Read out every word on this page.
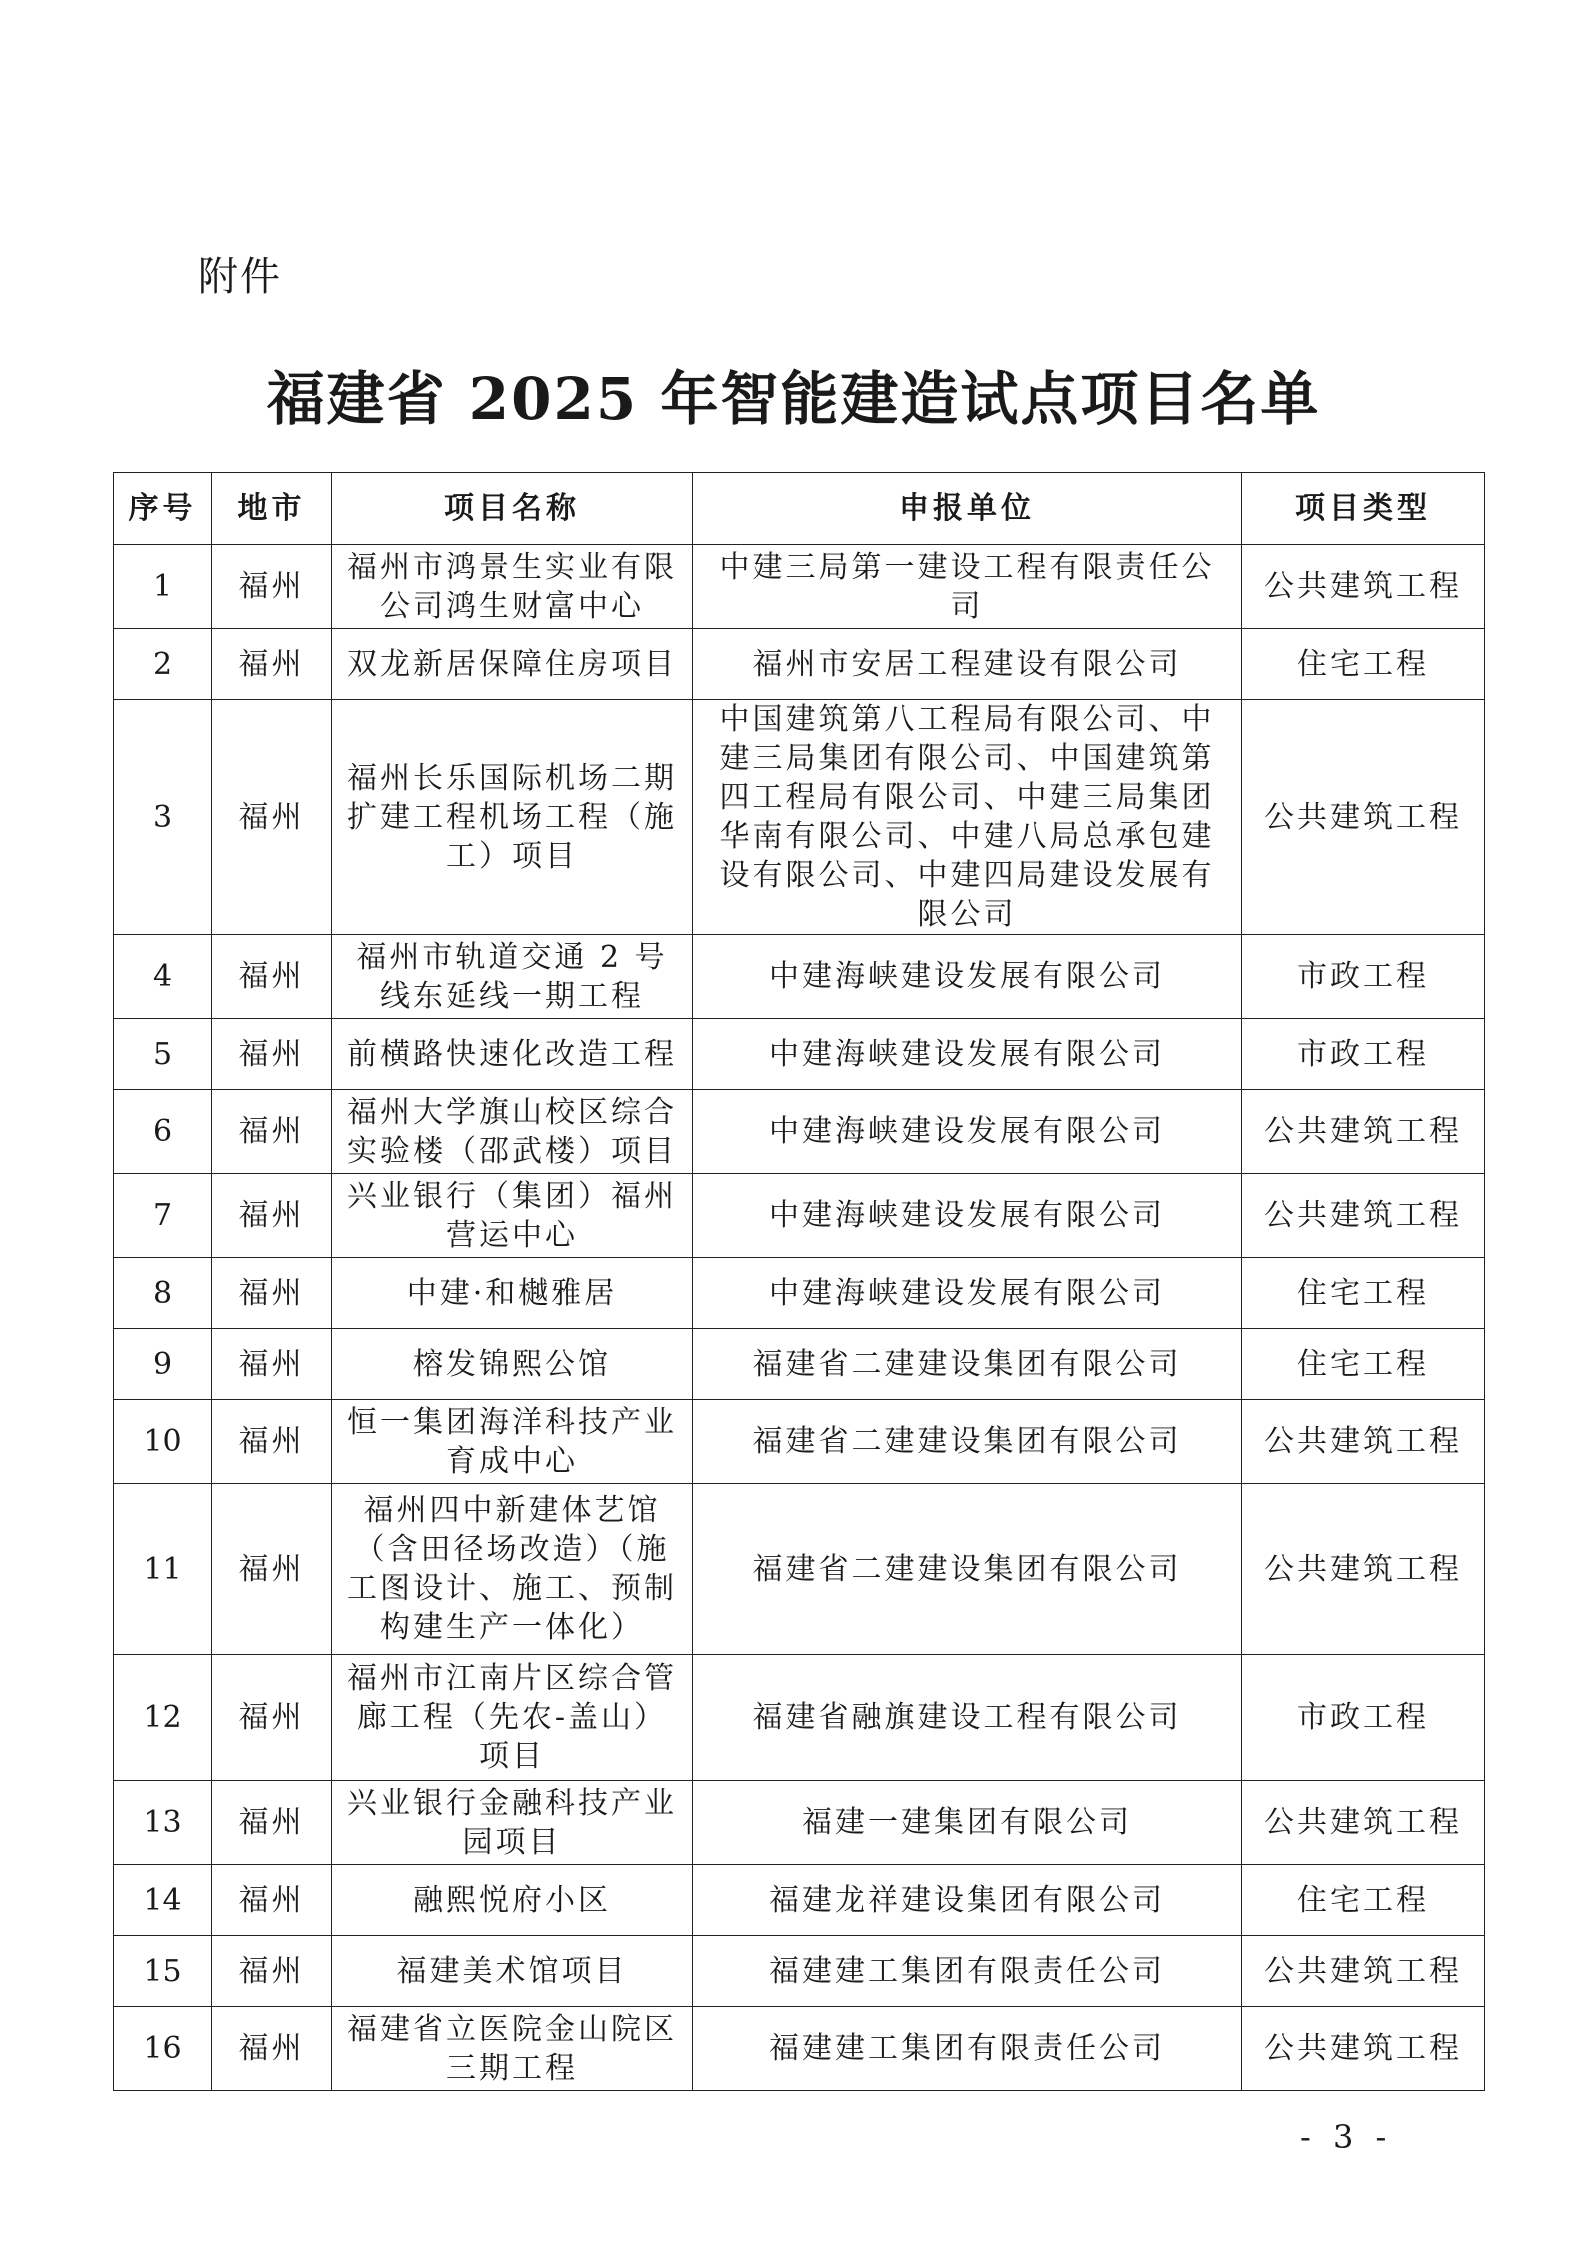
附件
福建省 2025 年智能建造试点项目名单
序号	地市	项目名称	申报单位	项目类型
1	福州	福州市鸿景生实业有限公司鸿生财富中心	中建三局第一建设工程有限责任公司	公共建筑工程
2	福州	双龙新居保障住房项目	福州市安居工程建设有限公司	住宅工程
3	福州	福州长乐国际机场二期扩建工程机场工程（施工）项目	中国建筑第八工程局有限公司、中建三局集团有限公司、中国建筑第四工程局有限公司、中建三局集团华南有限公司、中建八局总承包建设有限公司、中建四局建设发展有限公司	公共建筑工程
4	福州	福州市轨道交通 2 号线东延线一期工程	中建海峡建设发展有限公司	市政工程
5	福州	前横路快速化改造工程	中建海峡建设发展有限公司	市政工程
6	福州	福州大学旗山校区综合实验楼（邵武楼）项目	中建海峡建设发展有限公司	公共建筑工程
7	福州	兴业银行（集团）福州营运中心	中建海峡建设发展有限公司	公共建筑工程
8	福州	中建·和樾雅居	中建海峡建设发展有限公司	住宅工程
9	福州	榕发锦熙公馆	福建省二建建设集团有限公司	住宅工程
10	福州	恒一集团海洋科技产业育成中心	福建省二建建设集团有限公司	公共建筑工程
11	福州	福州四中新建体艺馆（含田径场改造）（施工图设计、施工、预制构建生产一体化）	福建省二建建设集团有限公司	公共建筑工程
12	福州	福州市江南片区综合管廊工程（先农-盖山）项目	福建省融旗建设工程有限公司	市政工程
13	福州	兴业银行金融科技产业园项目	福建一建集团有限公司	公共建筑工程
14	福州	融熙悦府小区	福建龙祥建设集团有限公司	住宅工程
15	福州	福建美术馆项目	福建建工集团有限责任公司	公共建筑工程
16	福州	福建省立医院金山院区三期工程	福建建工集团有限责任公司	公共建筑工程
- 3 -
